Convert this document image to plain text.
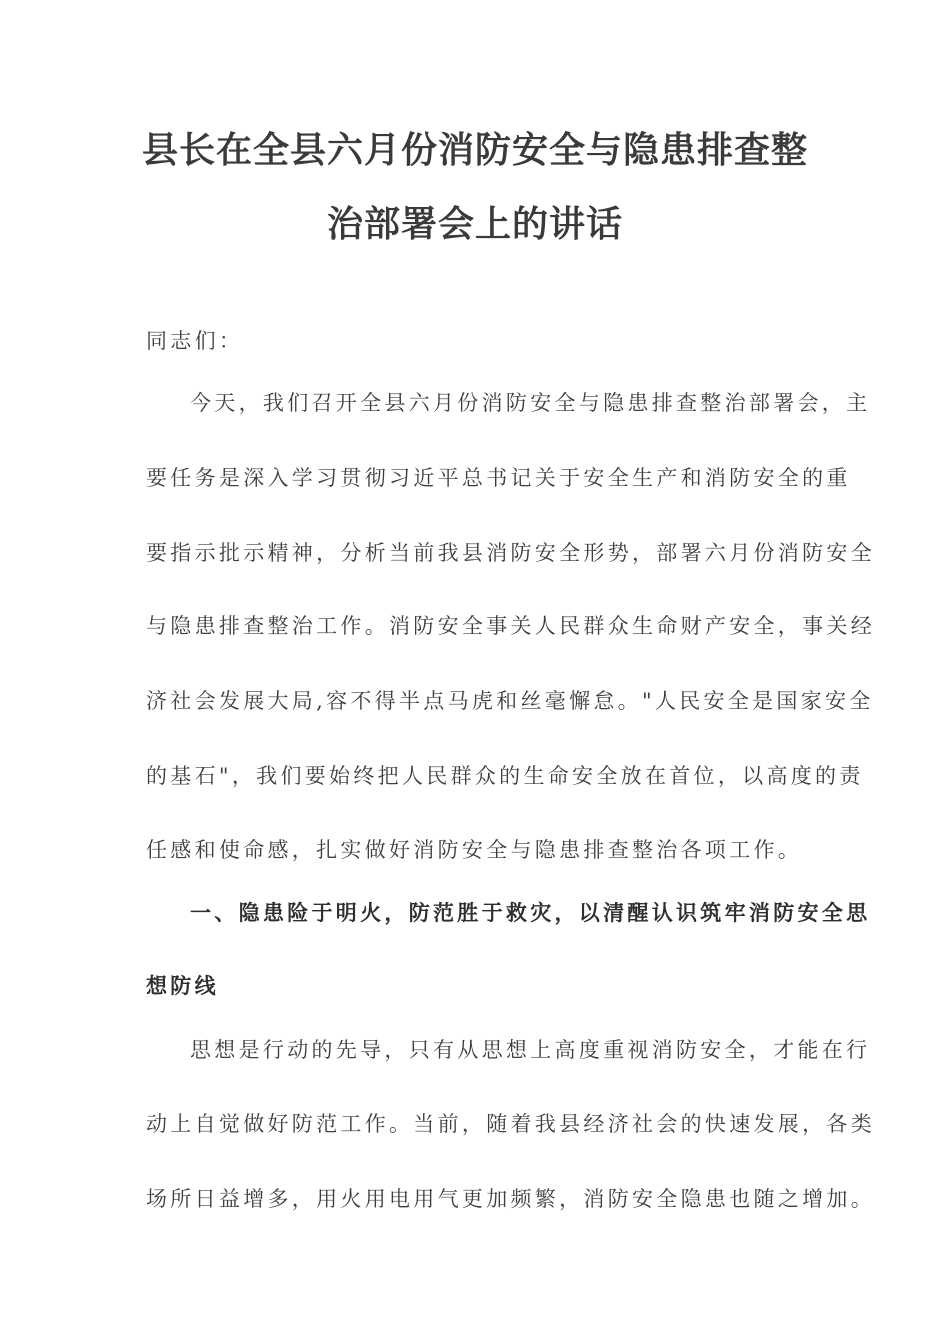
县长在全县六月份消防安全与隐患排查整
治部署会上的讲话
同志们：
今天，我们召开全县六月份消防安全与隐患排查整治部署会，主
要任务是深入学习贯彻习近平总书记关于安全生产和消防安全的重
要指示批示精神，分析当前我县消防安全形势，部署六月份消防安全
与隐患排查整治工作。消防安全事关人民群众生命财产安全，事关经
济社会发展大局,容不得半点马虎和丝毫懈怠。"人民安全是国家安全
的基石"，我们要始终把人民群众的生命安全放在首位，以高度的责
任感和使命感，扎实做好消防安全与隐患排查整治各项工作。
一、隐患险于明火，防范胜于救灾，以清醒认识筑牢消防安全思
想防线
思想是行动的先导，只有从思想上高度重视消防安全，才能在行
动上自觉做好防范工作。当前，随着我县经济社会的快速发展，各类
场所日益增多，用火用电用气更加频繁，消防安全隐患也随之增加。
